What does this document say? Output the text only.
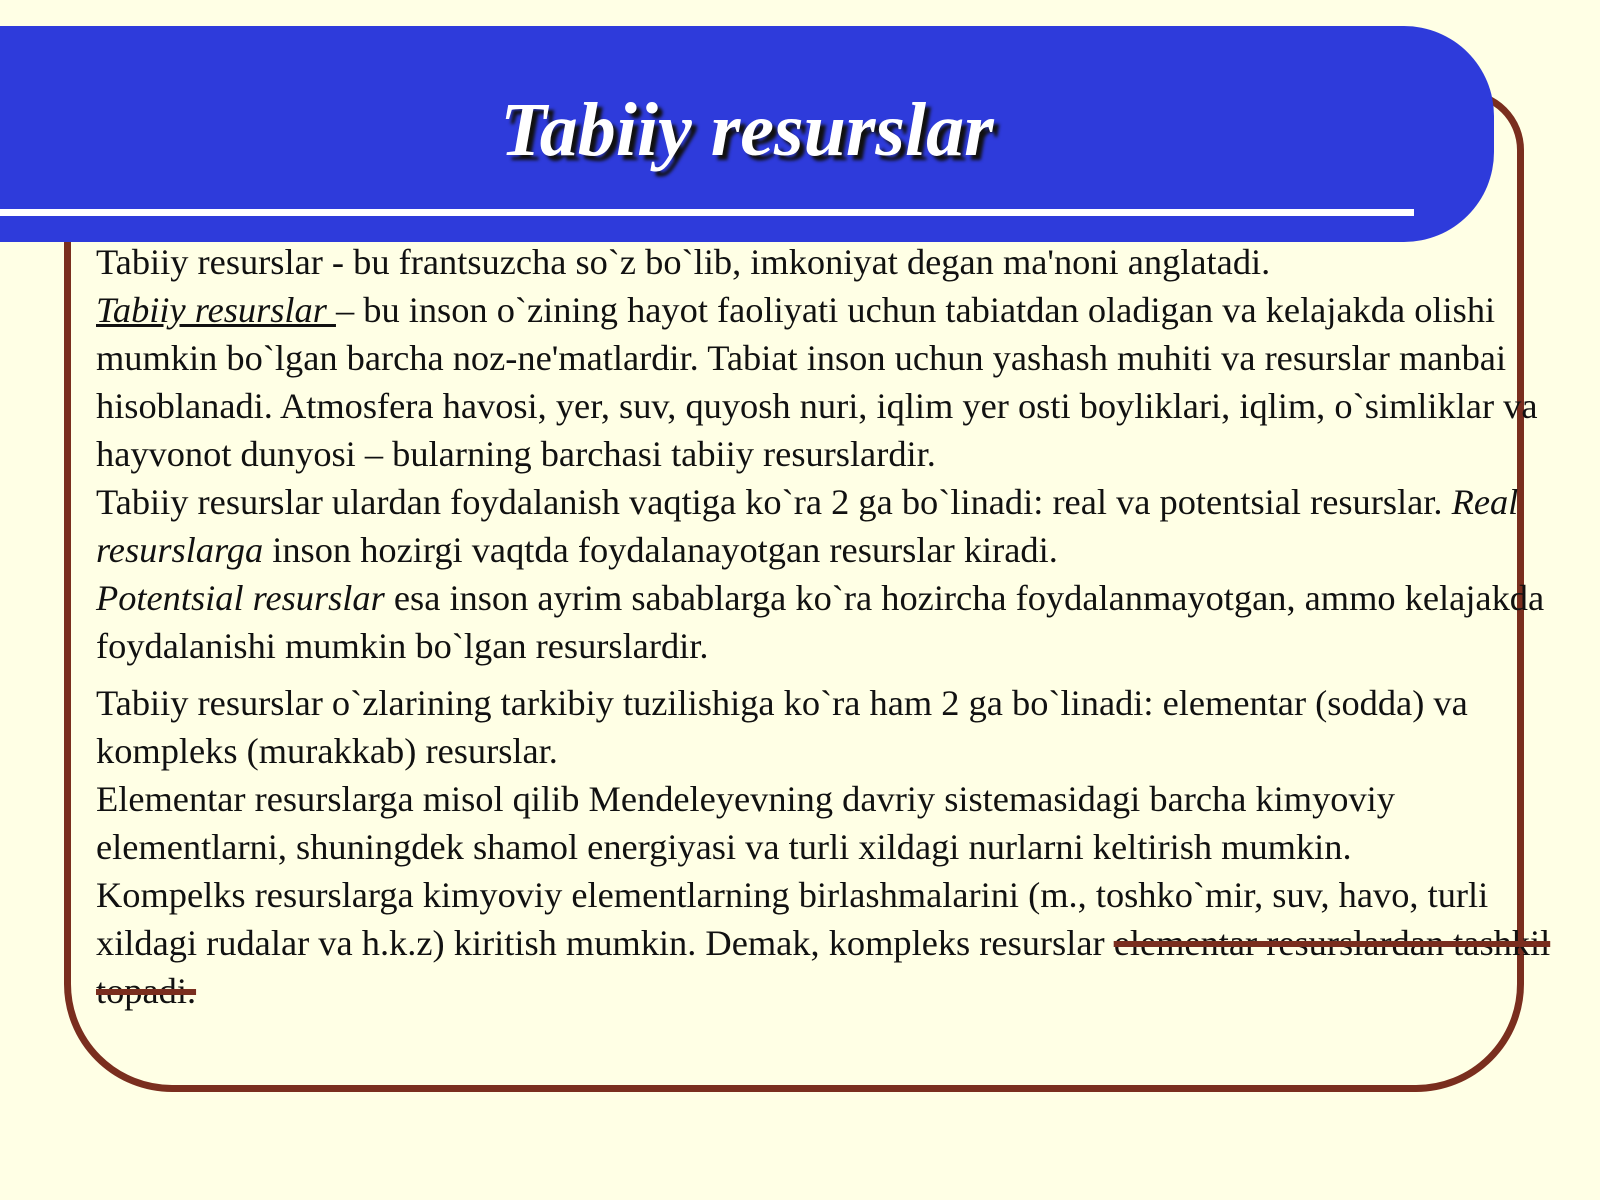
Tabiiy resurslar

Tabiiy resurslar - bu frantsuzcha so`z bo`lib, imkoniyat degan ma'noni anglatadi.

Tabiiy resurslar – bu inson o`zining hayot faoliyati uchun tabiatdan oladigan va kelajakda olishi mumkin bo`lgan barcha noz-ne'matlardir. Tabiat inson uchun yashash muhiti va resurslar manbai hisoblanadi. Atmosfera havosi, yer, suv, quyosh nuri, iqlim yer osti boyliklari, iqlim, o`simliklar va hayvonot dunyosi – bularning barchasi tabiiy resurslardir.

Tabiiy resurslar ulardan foydalanish vaqtiga ko`ra 2 ga bo`linadi: real va potentsial resurslar. Real resurslarga inson hozirgi vaqtda foydalanayotgan resurslar kiradi.

Potentsial resurslar esa inson ayrim sabablarga ko`ra hozircha foydalanmayotgan, ammo kelajakda foydalanishi mumkin bo`lgan resurslardir.

Tabiiy resurslar o`zlarining tarkibiy tuzilishiga ko`ra ham 2 ga bo`linadi: elementar (sodda) va kompleks (murakkab) resurslar.

Elementar resurslarga misol qilib Mendeleyevning davriy sistemasidagi barcha kimyoviy elementlarni, shuningdek shamol energiyasi va turli xildagi nurlarni keltirish mumkin.

Kompelks resurslarga kimyoviy elementlarning birlashmalarini (m., toshko`mir, suv, havo, turli xildagi rudalar va h.k.z) kiritish mumkin. Demak, kompleks resurslar elementar resurslardan tashkil topadi.
